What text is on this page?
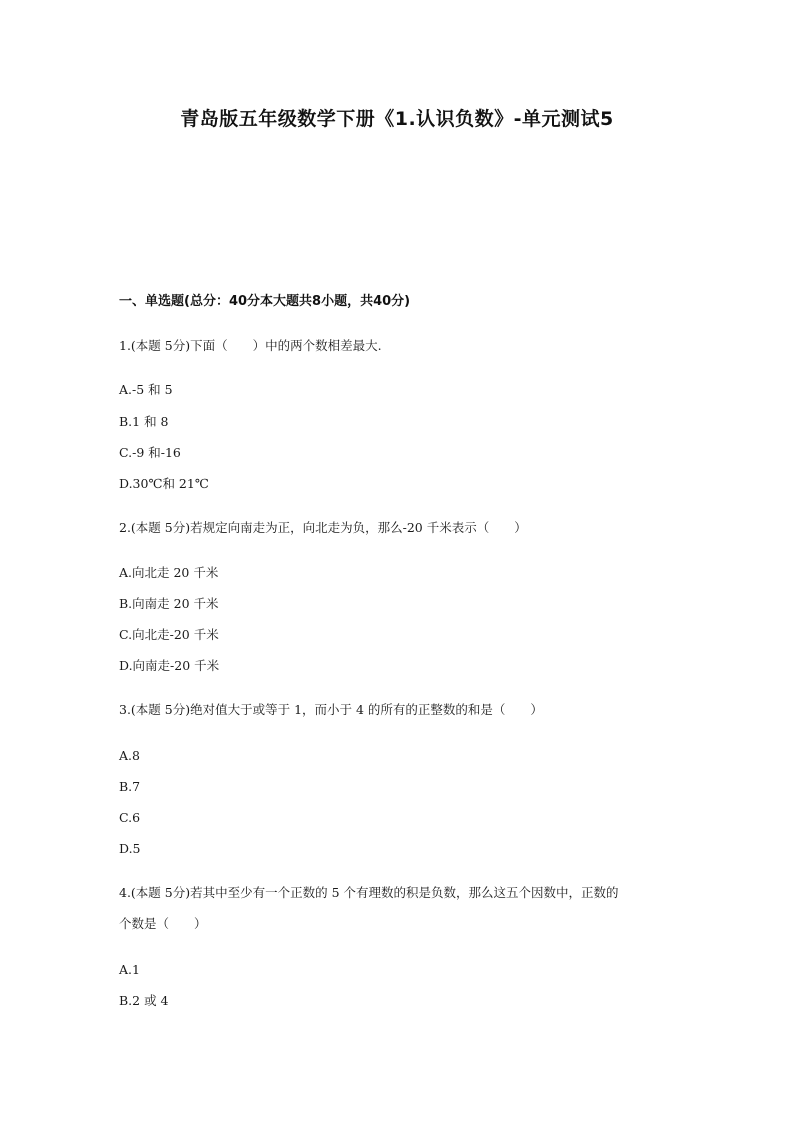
青岛版五年级数学下册《1.认识负数》-单元测试5

一、单选题(总分：40分本大题共8小题，共40分)

1.(本题 5分)下面（　　）中的两个数相差最大.

A.-5 和 5

B.1 和 8

C.-9 和-16

D.30℃和 21℃

2.(本题 5分)若规定向南走为正，向北走为负，那么-20 千米表示（　　）

A.向北走 20 千米

B.向南走 20 千米

C.向北走-20 千米

D.向南走-20 千米

3.(本题 5分)绝对值大于或等于 1，而小于 4 的所有的正整数的和是（　　）

A.8

B.7

C.6

D.5

4.(本题 5分)若其中至少有一个正数的 5 个有理数的积是负数，那么这五个因数中，正数的

个数是（　　）

A.1

B.2 或 4
